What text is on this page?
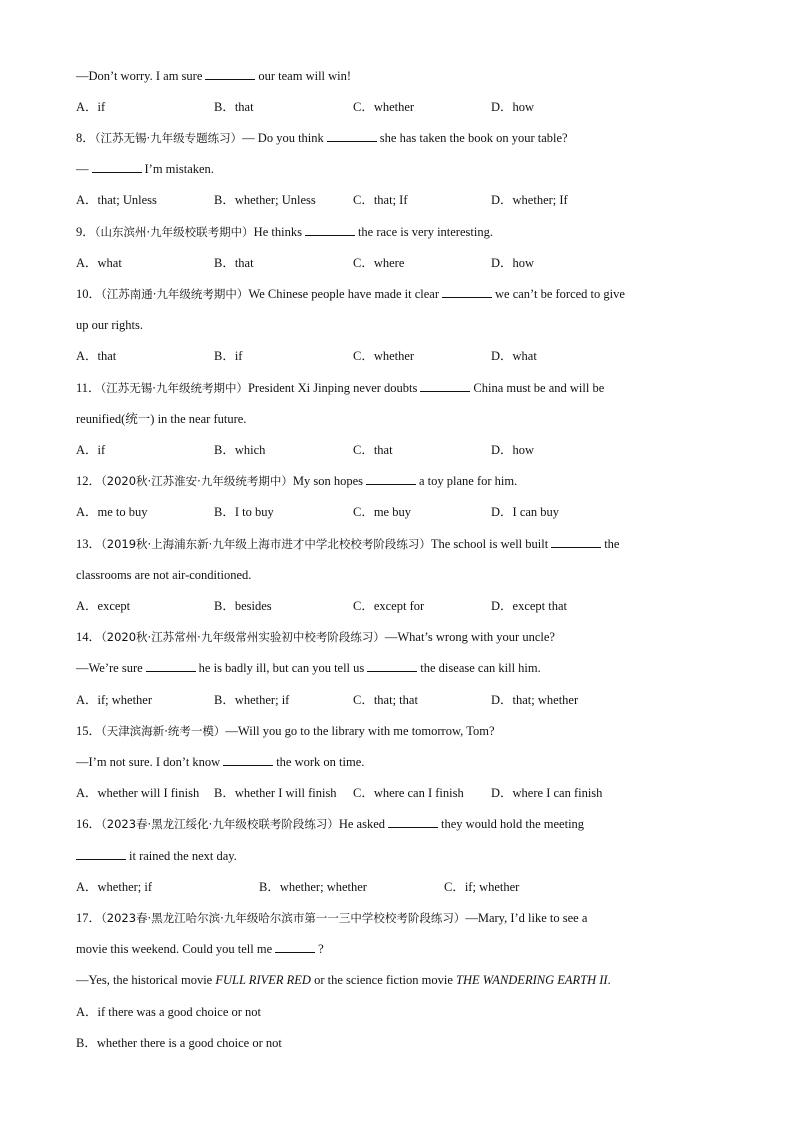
—Don’t worry. I am sure	our team will win!
A．if	B．that	C．whether	D．how
8．（江苏无锡·九年级专题练习）— Do you think	she has taken the book on your table?
—	I’m mistaken.
A．that; Unless	B．whether; Unless	C．that; If	D．whether; If
9．（山东滨州·九年级校联考期中）He thinks	the race is very interesting.
A．what	B．that	C．where	D．how
10．（江苏南通·九年级统考期中）We Chinese people have made it clear	we can’t be forced to give
up our rights.
A．that	B．if	C．whether	D．what
11．（江苏无锡·九年级统考期中）President Xi Jinping never doubts	China must be and will be
reunified(统一) in the near future.
A．if	B．which	C．that	D．how
12．（2020秋·江苏淮安·九年级统考期中）My son hopes	a toy plane for him.
A．me to buy	B．I to buy	C．me buy	D．I can buy
13．（2019秋·上海浦东新·九年级上海市进才中学北校校考阶段练习）The school is well built	the
classrooms are not air-conditioned.
A．except	B．besides	C．except for	D．except that
14．（2020秋·江苏常州·九年级常州实验初中校考阶段练习）—What’s wrong with your uncle?
—We’re sure	he is badly ill, but can you tell us	the disease can kill him.
A．if; whether	B．whether; if	C．that; that	D．that; whether
15．（天津滨海新·统考一模）—Will you go to the library with me tomorrow, Tom?
—I’m not sure. I don’t know	the work on time.
A．whether will I finish B．whether I will finish C．where can I finish D．where I can finish
16．（2023春·黑龙江绥化·九年级校联考阶段练习）He asked	they would hold the meeting
it rained the next day.
A．whether; if	B．whether; whether	C．if; whether
17．（2023春·黑龙江哈尔滨·九年级哈尔滨市第一一三中学校校考阶段练习）—Mary, I’d like to see a
movie this weekend. Could you tell me	?
—Yes, the historical movie FULL RIVER RED or the science fiction movie THE WANDERING EARTH II.
A．if there was a good choice or not
B．whether there is a good choice or not
